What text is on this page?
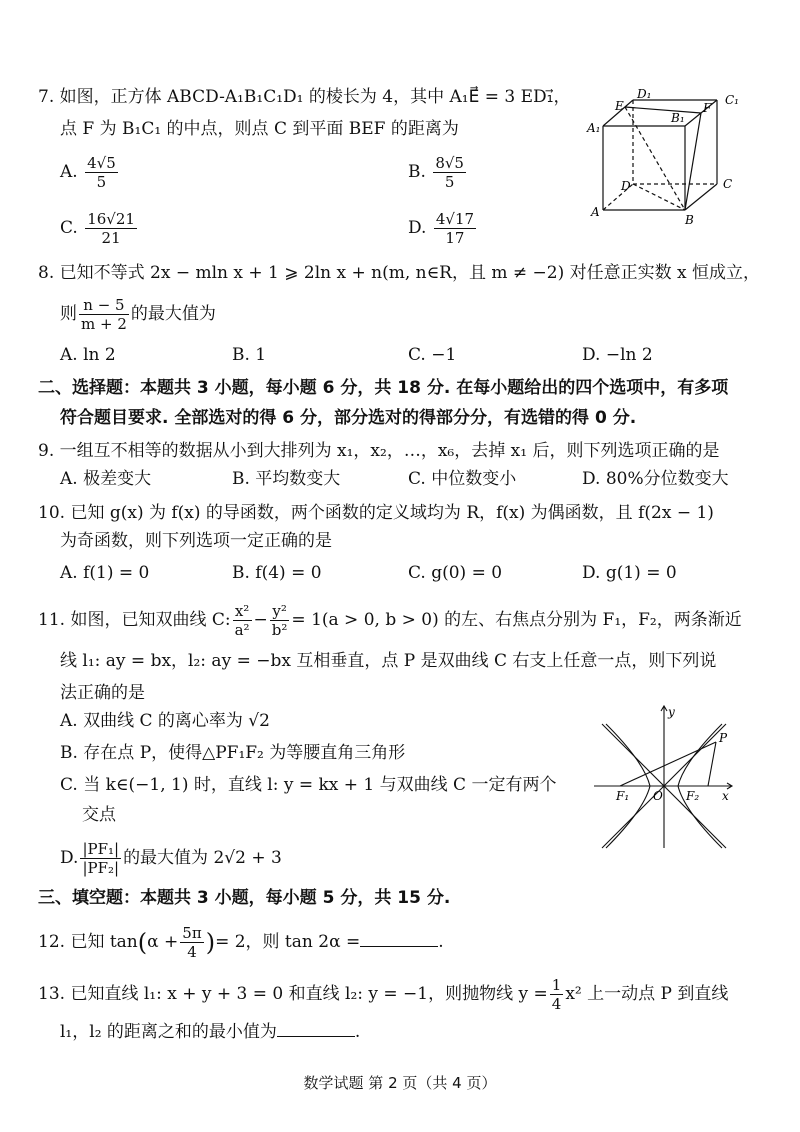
7. 如图，正方体 ABCD-A₁B₁C₁D₁ 的棱长为 4，其中 A₁E⃗ = 3 ED₁⃗，
点 F 为 B₁C₁ 的中点，则点 C 到平面 BEF 的距离为
A. $\frac{4√5}{5}$	B. $\frac{8√5}{5}$
C. $\frac{16√21}{21}$	D. $\frac{4√17}{17}$
D₁	C₁
E	F
A₁
B₁
D	C
A
B
8. 已知不等式 2x − mln x + 1 ⩾ 2ln x + n(m, n∈R，且 m ≠ −2) 对任意正实数 x 恒成立，
则 $\frac{n - 5}{m + 2}$ 的最大值为
A. ln 2	B. 1	C. −1	D. −ln 2
二、选择题：本题共 3 小题，每小题 6 分，共 18 分. 在每小题给出的四个选项中，有多项
符合题目要求. 全部选对的得 6 分，部分选对的得部分分，有选错的得 0 分.
9. 一组互不相等的数据从小到大排列为 x₁，x₂，…，x₆，去掉 x₁ 后，则下列选项正确的是
A. 极差变大	B. 平均数变大	C. 中位数变小	D. 80%分位数变大
10. 已知 g(x) 为 f(x) 的导函数，两个函数的定义域均为 R，f(x) 为偶函数，且 f(2x − 1)
为奇函数，则下列选项一定正确的是
A. f(1) = 0	B. f(4) = 0	C. g(0) = 0	D. g(1) = 0
11. 如图，已知双曲线 C: $\frac{\text{x²}}{\text{a²}} - \frac{\text{y²}}{\text{b²}} = 1(a > 0$, b > 0) 的左、右焦点分别为 F₁，F₂，两条渐近
线 l₁: ay = bx，l₂: ay = −bx 互相垂直，点 P 是双曲线 C 右支上任意一点，则下列说
法正确的是
A. 双曲线 C 的离心率为 √2
B. 存在点 P，使得△PF₁F₂ 为等腰直角三角形
C. 当 k∈(−1, 1) 时，直线 l: y = kx + 1 与双曲线 C 一定有两个
交点
D. $\frac{\text{|PF₁|}}{\text{|PF₂|}}$ 的最大值为 2√2 + 3
y
x
P
F₁ O F₂
三、填空题：本题共 3 小题，每小题 5 分，共 15 分.
12. 已知 $\tan(\alpha + \frac{5\pi}{4}$ )= 2，则 tan 2α =	.
13. 已知直线 l₁: x + y + 3 = 0 和直线 l₂: y = −1，则抛物线 $y = \frac{1}{4} x^2$ 上一动点 P 到直线
l₁，l₂ 的距离之和的最小值为	.
数学试题 第 2 页（共 4 页）
